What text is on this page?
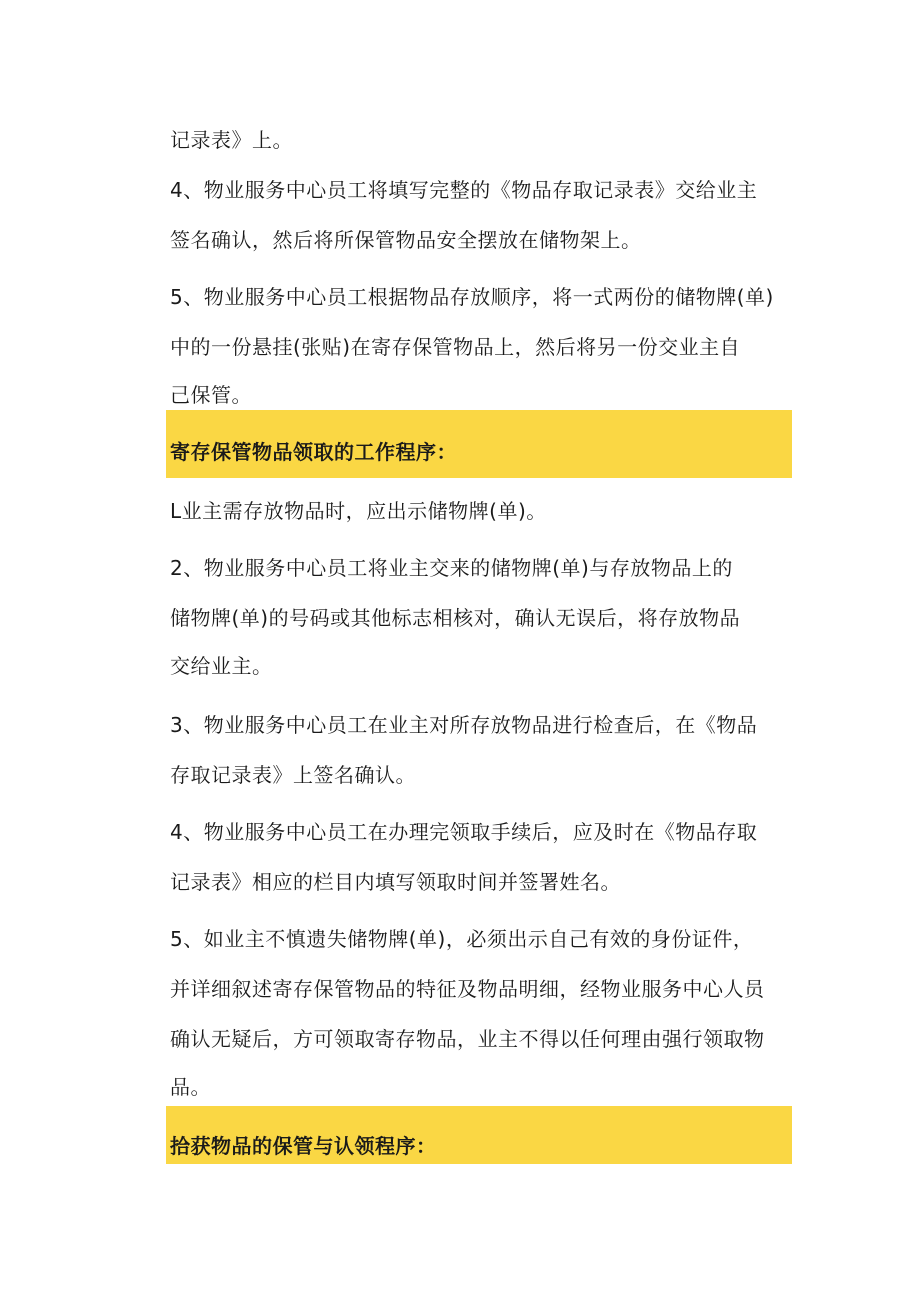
记录表》上。
4、物业服务中心员工将填写完整的《物品存取记录表》交给业主
签名确认，然后将所保管物品安全摆放在储物架上。
5、物业服务中心员工根据物品存放顺序，将一式两份的储物牌(单)
中的一份悬挂(张贴)在寄存保管物品上，然后将另一份交业主自
己保管。
寄存保管物品领取的工作程序：
L业主需存放物品时，应出示储物牌(单)。
2、物业服务中心员工将业主交来的储物牌(单)与存放物品上的
储物牌(单)的号码或其他标志相核对，确认无误后，将存放物品
交给业主。
3、物业服务中心员工在业主对所存放物品进行检查后，在《物品
存取记录表》上签名确认。
4、物业服务中心员工在办理完领取手续后，应及时在《物品存取
记录表》相应的栏目内填写领取时间并签署姓名。
5、如业主不慎遗失储物牌(单)，必须出示自己有效的身份证件，
并详细叙述寄存保管物品的特征及物品明细，经物业服务中心人员
确认无疑后，方可领取寄存物品，业主不得以任何理由强行领取物
品。
拾获物品的保管与认领程序：
